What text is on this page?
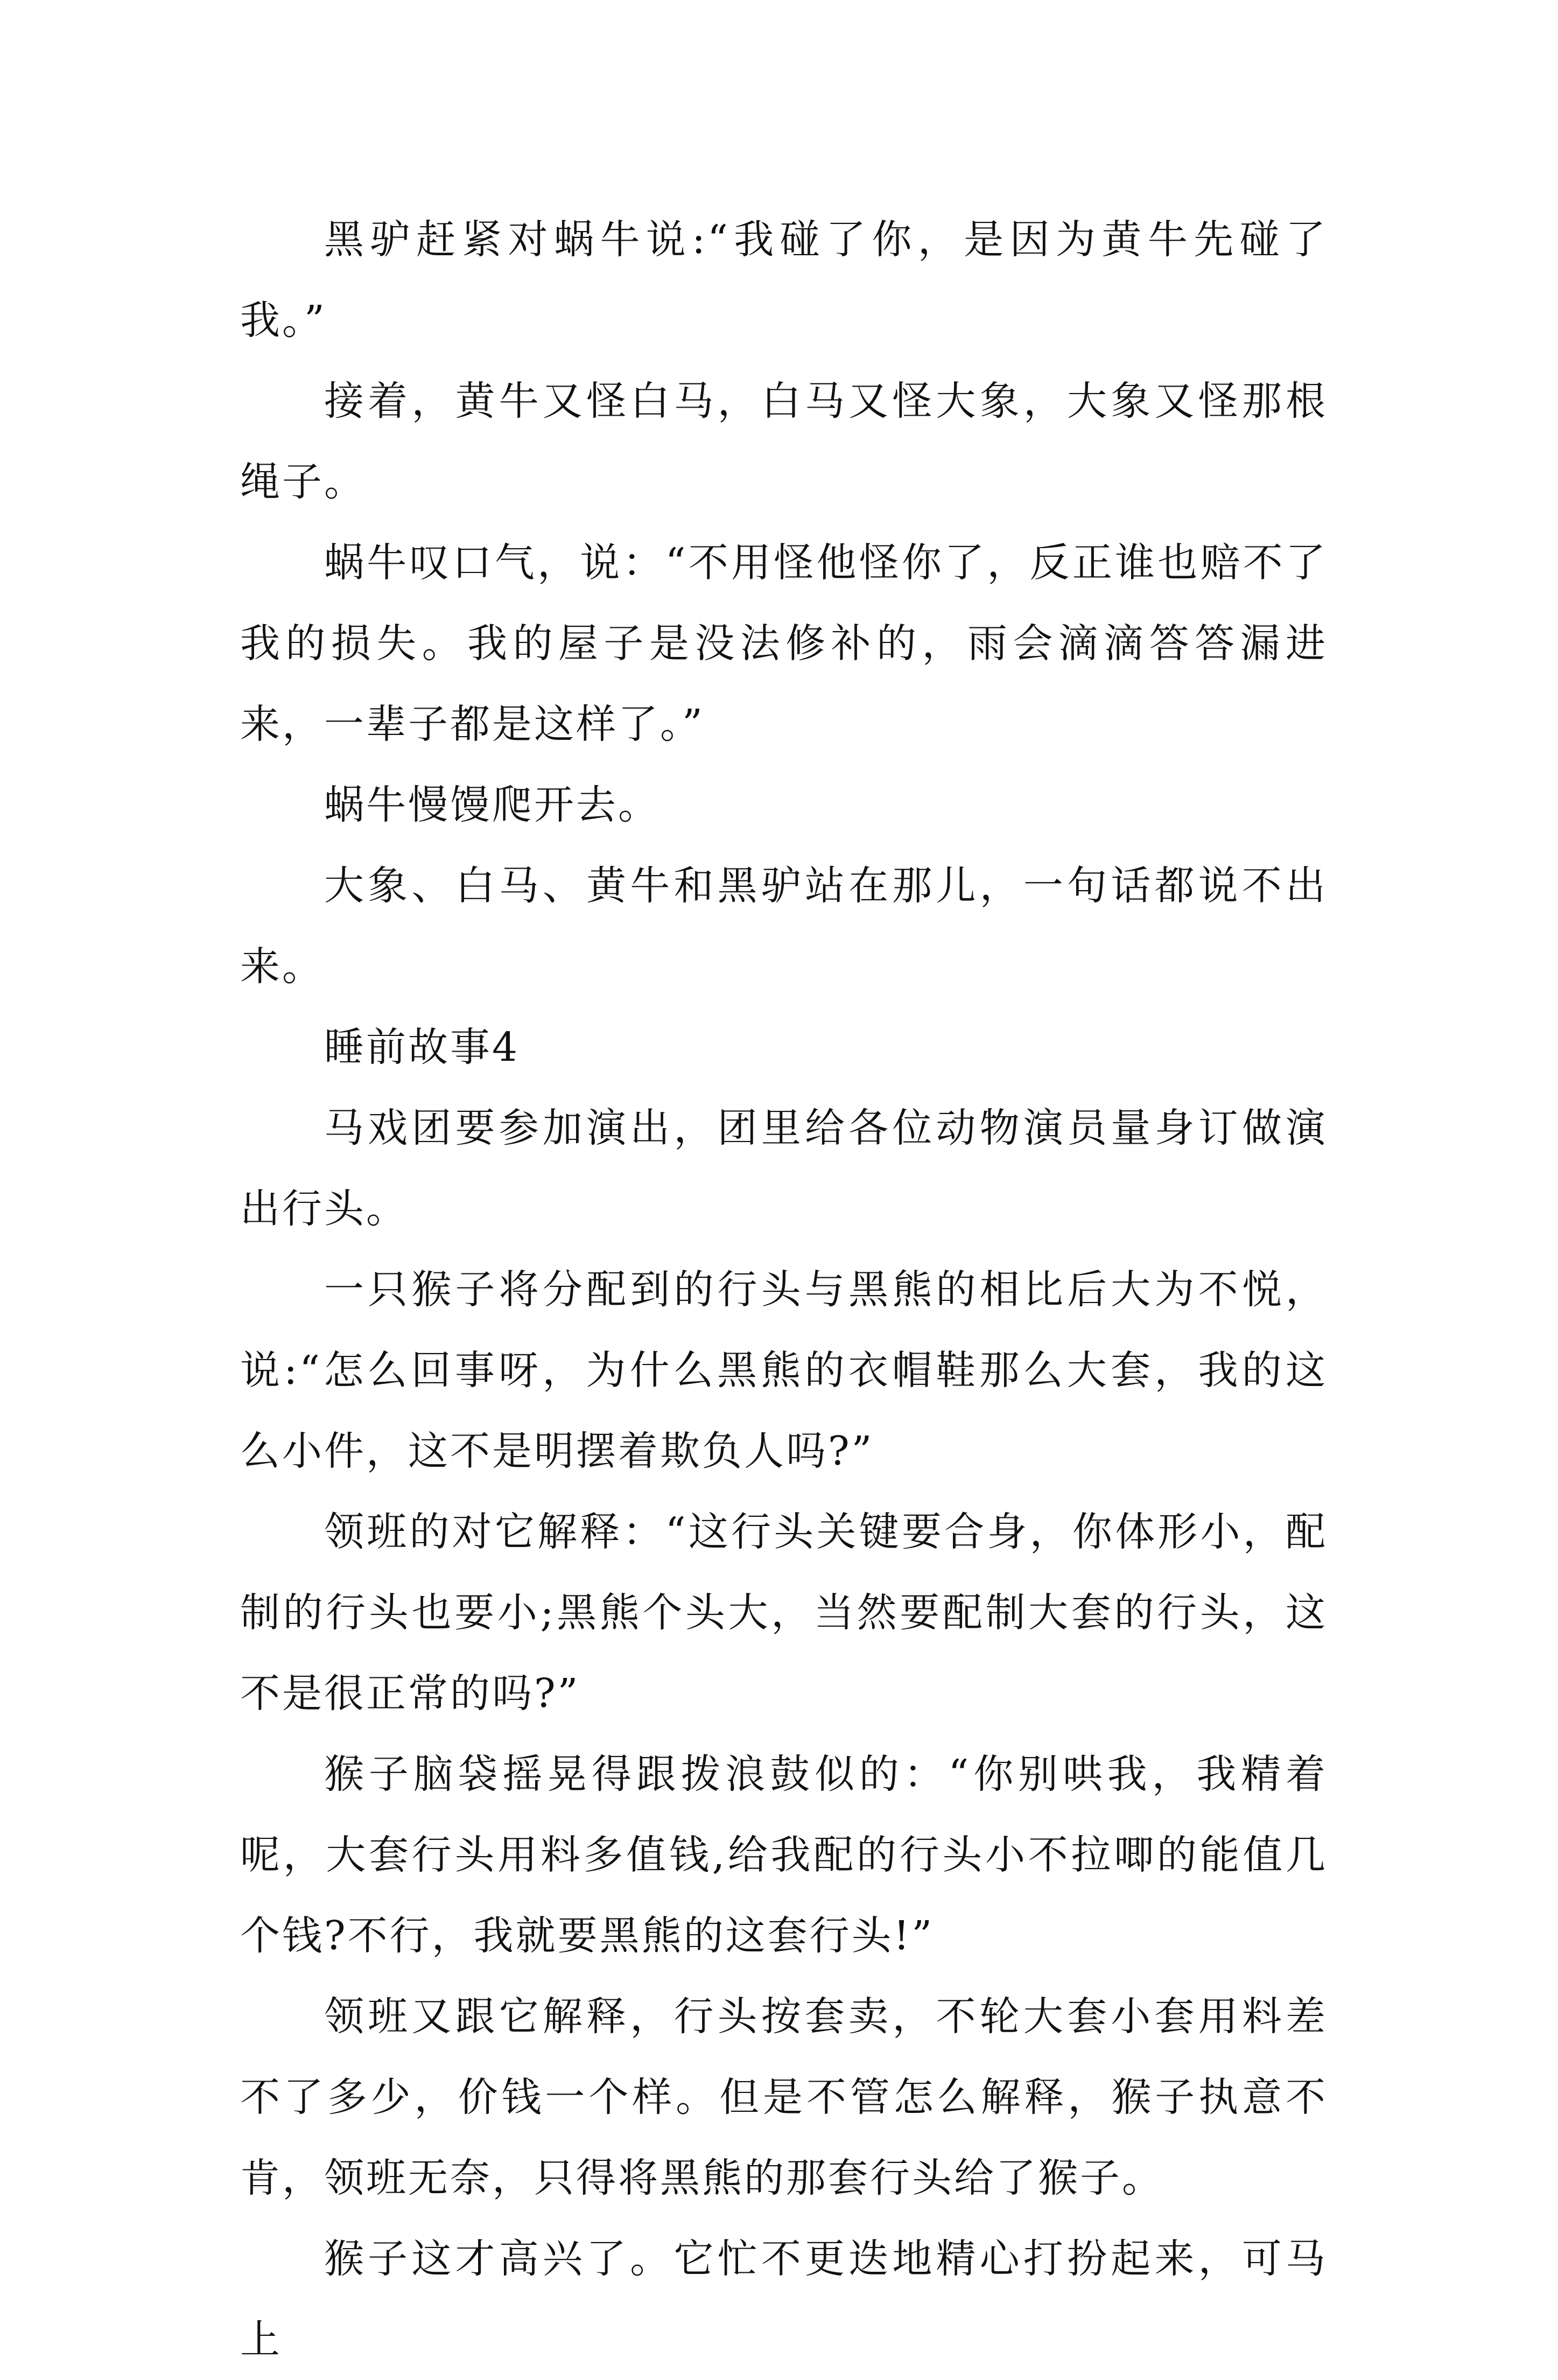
黑驴赶紧对蜗牛说:“我碰了你，是因为黄牛先碰了我。”

接着，黄牛又怪白马，白马又怪大象，大象又怪那根绳子。

蜗牛叹口气，说：“不用怪他怪你了，反正谁也赔不了我的损失。我的屋子是没法修补的，雨会滴滴答答漏进来，一辈子都是这样了。”

蜗牛慢馒爬开去。

大象、白马、黄牛和黑驴站在那儿，一句话都说不出来。

睡前故事4

马戏团要参加演出，团里给各位动物演员量身订做演出行头。

一只猴子将分配到的行头与黑熊的相比后大为不悦，说:“怎么回事呀，为什么黑熊的衣帽鞋那么大套，我的这么小件，这不是明摆着欺负人吗?”

领班的对它解释：“这行头关键要合身，你体形小，配制的行头也要小;黑熊个头大，当然要配制大套的行头，这不是很正常的吗?”

猴子脑袋摇晃得跟拨浪鼓似的：“你别哄我，我精着呢，大套行头用料多值钱,给我配的行头小不拉唧的能值几个钱?不行，我就要黑熊的这套行头!”

领班又跟它解释，行头按套卖，不轮大套小套用料差不了多少，价钱一个样。但是不管怎么解释，猴子执意不肯，领班无奈，只得将黑熊的那套行头给了猴子。

猴子这才高兴了。它忙不更迭地精心打扮起来，可马上
